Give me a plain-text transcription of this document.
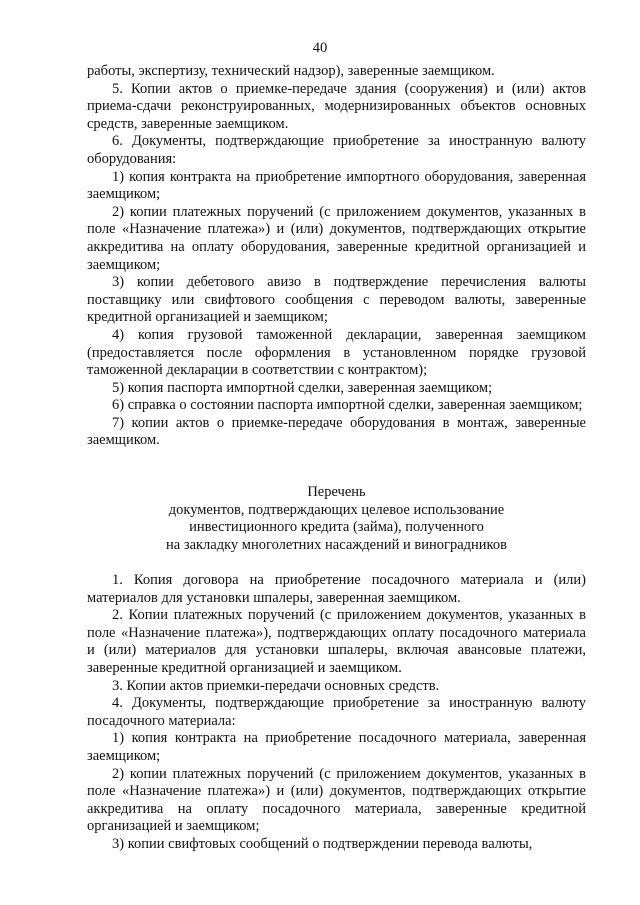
40

работы, экспертизу, технический надзор), заверенные заемщиком.

5. Копии актов о приемке-передаче здания (сооружения) и (или) актов приема-сдачи реконструированных, модернизированных объектов основных средств, заверенные заемщиком.

6. Документы, подтверждающие приобретение за иностранную валюту оборудования:

1) копия контракта на приобретение импортного оборудования, заверенная заемщиком;

2) копии платежных поручений (с приложением документов, указанных в поле «Назначение платежа») и (или) документов, подтверждающих открытие аккредитива на оплату оборудования, заверенные кредитной организацией и заемщиком;

3) копии дебетового авизо в подтверждение перечисления валюты поставщику или свифтового сообщения с переводом валюты, заверенные кредитной организацией и заемщиком;

4) копия грузовой таможенной декларации, заверенная заемщиком (предоставляется после оформления в установленном порядке грузовой таможенной декларации в соответствии с контрактом);

5) копия паспорта импортной сделки, заверенная заемщиком;

6) справка о состоянии паспорта импортной сделки, заверенная заемщиком;

7) копии актов о приемке-передаче оборудования в монтаж, заверенные заемщиком.

Перечень

документов, подтверждающих целевое использование

инвестиционного кредита (займа), полученного

на закладку многолетних насаждений и виноградников

1. Копия договора на приобретение посадочного материала и (или) материалов для установки шпалеры, заверенная заемщиком.

2. Копии платежных поручений (с приложением документов, указанных в поле «Назначение платежа»), подтверждающих оплату посадочного материала и (или) материалов для установки шпалеры, включая авансовые платежи, заверенные кредитной организацией и заемщиком.

3. Копии актов приемки-передачи основных средств.

4. Документы, подтверждающие приобретение за иностранную валюту посадочного материала:

1) копия контракта на приобретение посадочного материала, заверенная заемщиком;

2) копии платежных поручений (с приложением документов, указанных в поле «Назначение платежа») и (или) документов, подтверждающих открытие аккредитива на оплату посадочного материала, заверенные кредитной организацией и заемщиком;

3) копии свифтовых сообщений о подтверждении перевода валюты,
